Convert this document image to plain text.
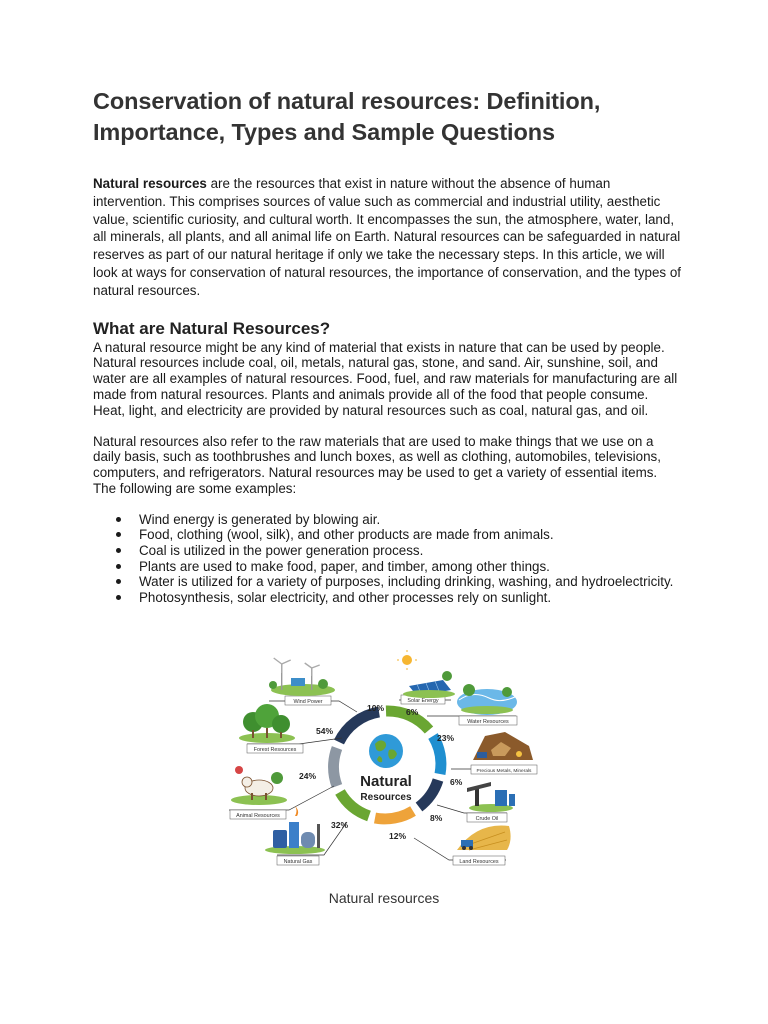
Conservation of natural resources: Definition, Importance, Types and Sample Questions
Natural resources are the resources that exist in nature without the absence of human intervention. This comprises sources of value such as commercial and industrial utility, aesthetic value, scientific curiosity, and cultural worth. It encompasses the sun, the atmosphere, water, land, all minerals, all plants, and all animal life on Earth. Natural resources can be safeguarded in natural reserves as part of our natural heritage if only we take the necessary steps. In this article, we will look at ways for conservation of natural resources, the importance of conservation, and the types of natural resources.
What are Natural Resources?

A natural resource might be any kind of material that exists in nature that can be used by people. Natural resources include coal, oil, metals, natural gas, stone, and sand. Air, sunshine, soil, and water are all examples of natural resources. Food, fuel, and raw materials for manufacturing are all made from natural resources. Plants and animals provide all of the food that people consume. Heat, light, and electricity are provided by natural resources such as coal, natural gas, and oil.

Natural resources also refer to the raw materials that are used to make things that we use on a daily basis, such as toothbrushes and lunch boxes, as well as clothing, automobiles, televisions, computers, and refrigerators. Natural resources may be used to get a variety of essential items. The following are some examples:

Wind energy is generated by blowing air.
Food, clothing (wool, silk), and other products are made from animals.
Coal is utilized in the power generation process.
Plants are used to make food, paper, and timber, among other things.
Water is utilized for a variety of purposes, including drinking, washing, and hydroelectricity.
Photosynthesis, solar electricity, and other processes rely on sunlight.
Natural
Resources
10%	6%
23%
6%
8%
12%
32%
24%
54%
Wind Power	Solar Energy
Water Resources
Precious Metals, Minerals
Crude Oil
Land Resources
Natural Gas
Animal Resources
Forest Resources
Natural resources
